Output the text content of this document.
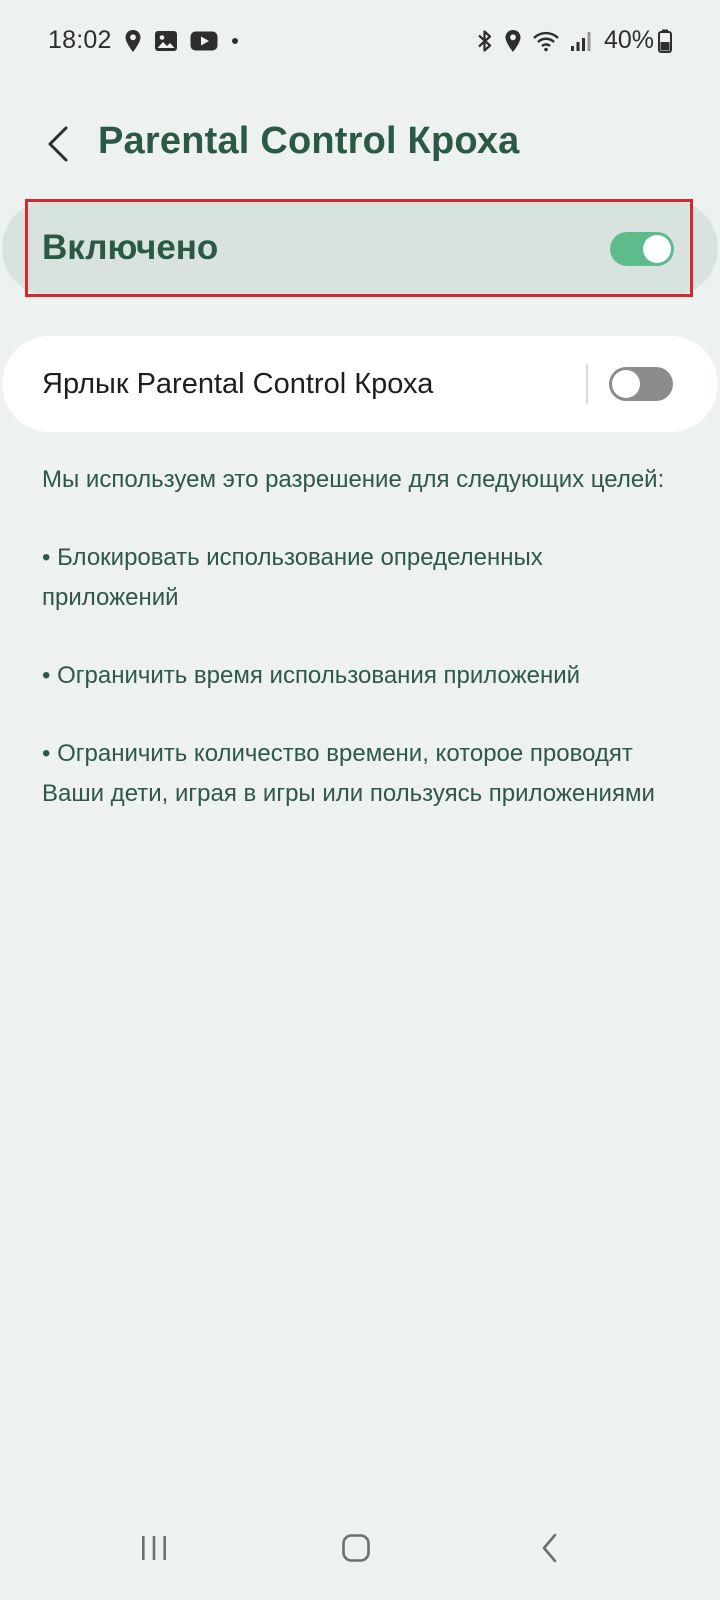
18:02	40%
Parental Control Кроха
Включено
Ярлык Parental Control Кроха

Мы используем это разрешение для следующих целей:

• Блокировать использование определенных приложений

• Ограничить время использования приложений

• Ограничить количество времени, которое проводят Ваши дети, играя в игры или пользуясь приложениями
